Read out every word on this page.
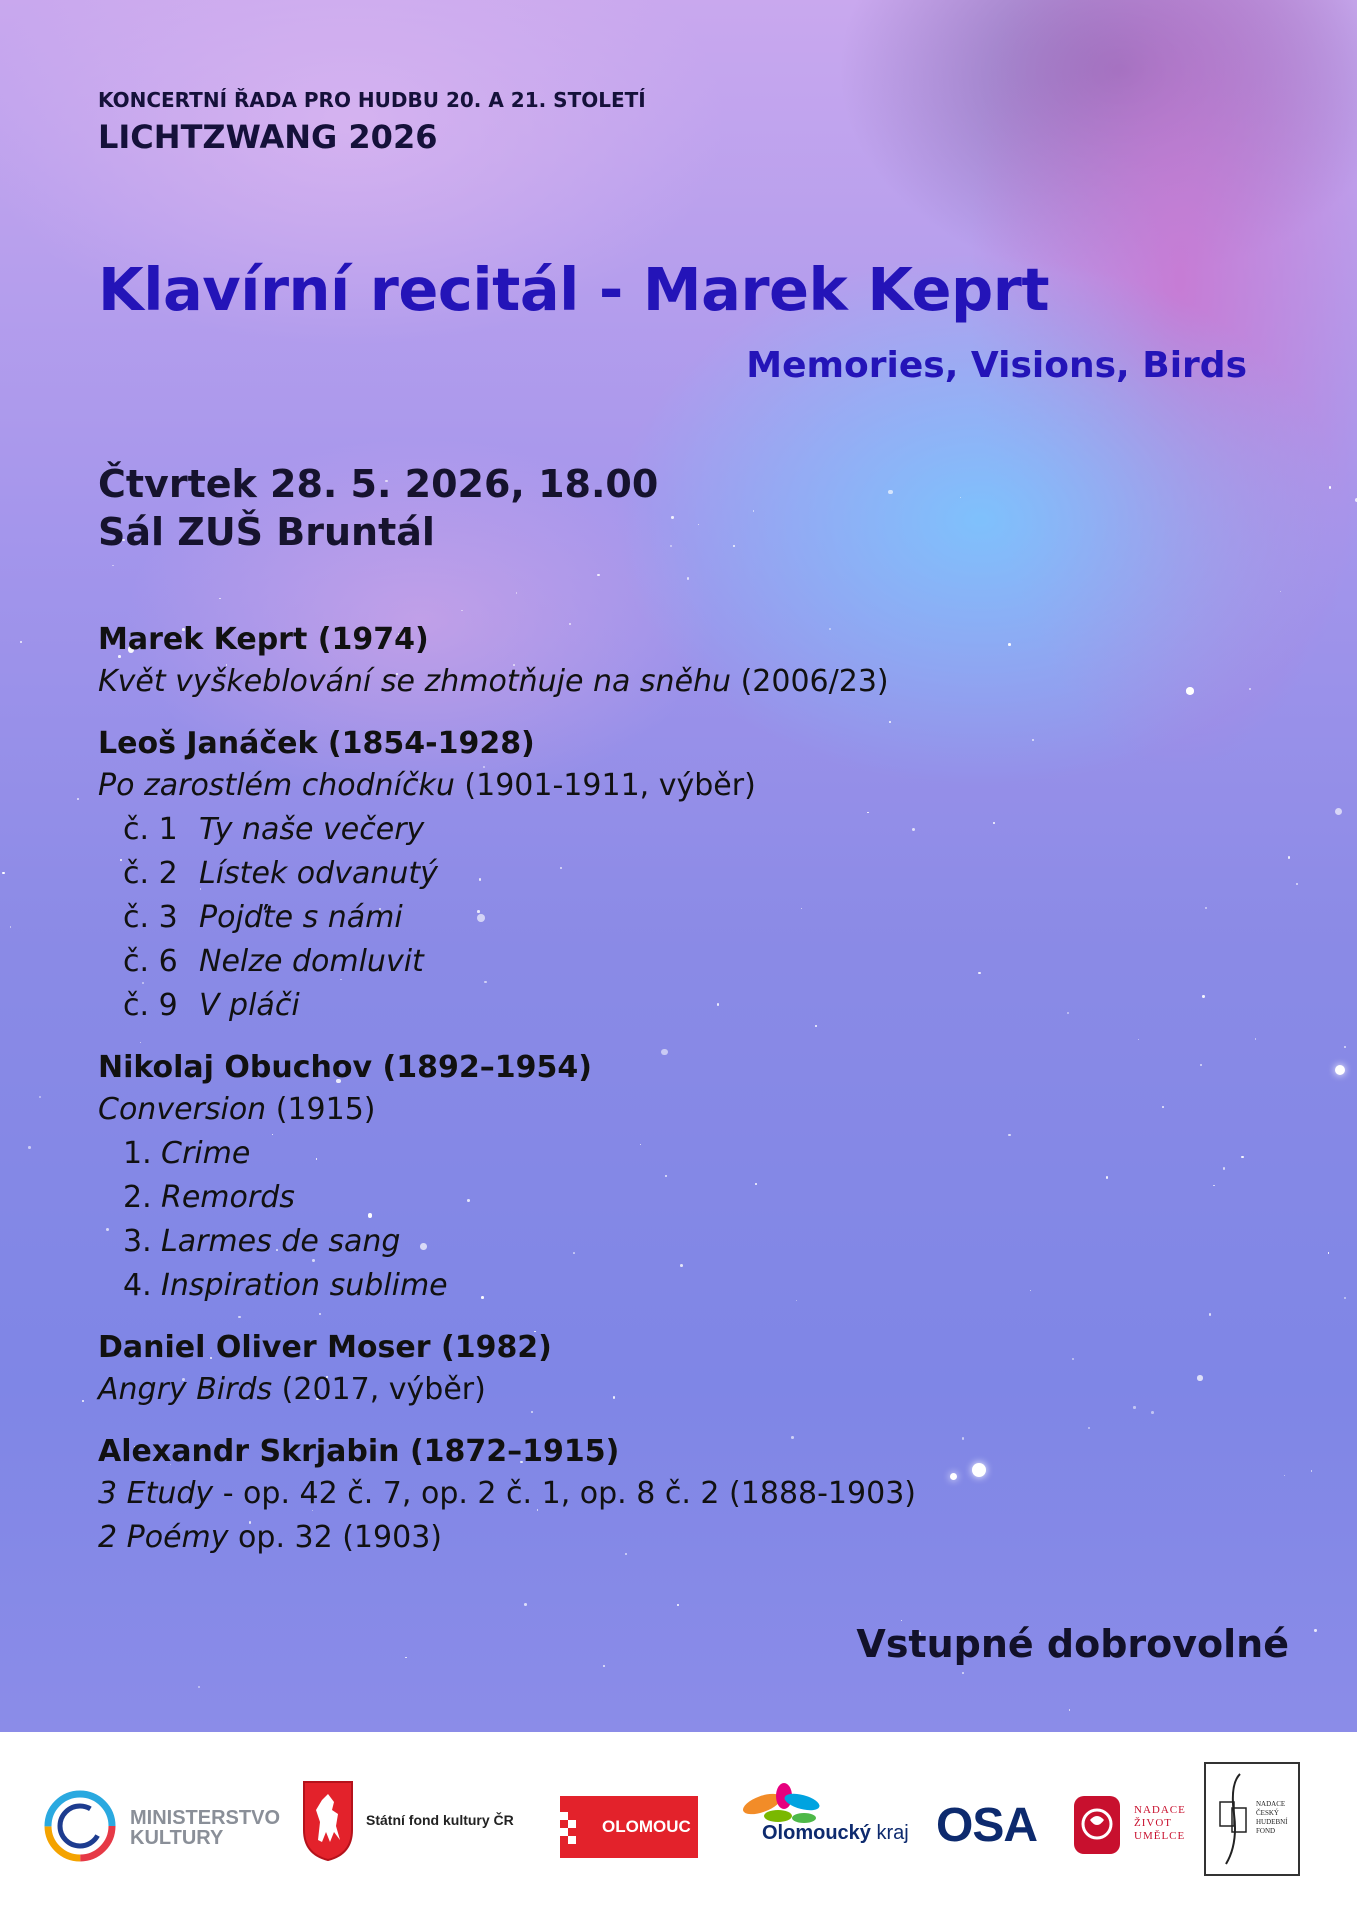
KONCERTNÍ ŘADA PRO HUDBU 20. A 21. STOLETÍ
LICHTZWANG 2026
Klavírní recitál - Marek Keprt
Memories, Visions, Birds
Čtvrtek 28. 5. 2026, 18.00
Sál ZUŠ Bruntál
Marek Keprt (1974)
Květ vyškeblování se zhmotňuje na sněhu (2006/23)
Leoš Janáček (1854-1928)
Po zarostlém chodníčku (1901-1911, výběr)
č. 1 Ty naše večery
č. 2 Lístek odvanutý
č. 3 Pojďte s námi
č. 6 Nelze domluvit
č. 9 V pláči
Nikolaj Obuchov (1892–1954)
Conversion (1915)
1. Crime
2. Remords
3. Larmes de sang
4. Inspiration sublime
Daniel Oliver Moser (1982)
Angry Birds (2017, výběr)
Alexandr Skrjabin (1872–1915)
3 Etudy - op. 42 č. 7, op. 2 č. 1, op. 8 č. 2 (1888-1903)
2 Poémy op. 32 (1903)
Vstupné dobrovolné
MINISTERSTVO
KULTURY
Státní fond kultury ČR	OLOMOUC	Olomoucký kraj OSA	NADACE
ŽIVOT
UMĚLCE
NADACE
ČESKÝ
HUDEBNÍ
FOND
